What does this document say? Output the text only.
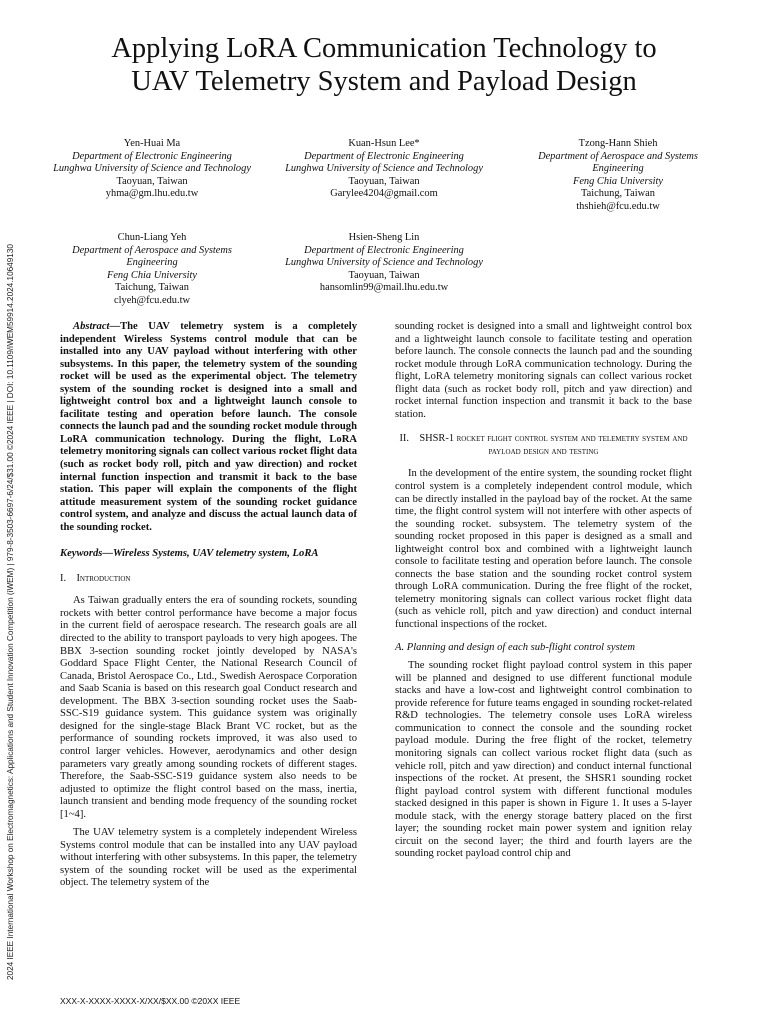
2024 IEEE International Workshop on Electromagnetics: Applications and Student Innovation Competition (iWEM) | 979-8-3503-6697-6/24/$31.00 ©2024 IEEE | DOI: 10.1109/iWEM59914.2024.10649130
Applying LoRA Communication Technology to
UAV Telemetry System and Payload Design
Yen-Huai Ma
Department of Electronic Engineering
Lunghwa University of Science and Technology
Taoyuan, Taiwan
yhma@gm.lhu.edu.tw
Kuan-Hsun Lee*
Department of Electronic Engineering
Lunghwa University of Science and Technology
Taoyuan, Taiwan
Garylee4204@gmail.com
Tzong-Hann Shieh
Department of Aerospace and Systems Engineering
Feng Chia University
Taichung, Taiwan
thshieh@fcu.edu.tw
Chun-Liang Yeh
Department of Aerospace and Systems Engineering
Feng Chia University
Taichung, Taiwan
clyeh@fcu.edu.tw
Hsien-Sheng Lin
Department of Electronic Engineering
Lunghwa University of Science and Technology
Taoyuan, Taiwan
hansomlin99@mail.lhu.edu.tw

Abstract—The UAV telemetry system is a completely independent Wireless Systems control module that can be installed into any UAV payload without interfering with other subsystems. In this paper, the telemetry system of the sounding rocket will be used as the experimental object. The telemetry system of the sounding rocket is designed into a small and lightweight control box and a lightweight launch console to facilitate testing and operation before launch. The console connects the launch pad and the sounding rocket module through LoRA communication technology. During the flight, LoRA telemetry monitoring signals can collect various rocket flight data (such as rocket body roll, pitch and yaw direction) and rocket internal function inspection and transmit it back to the base station. This paper will explain the components of the flight attitude measurement system of the sounding rocket guidance control system, and analyze and discuss the actual launch data of the sounding rocket.

Keywords—Wireless Systems, UAV telemetry system, LoRA

I. Introduction

As Taiwan gradually enters the era of sounding rockets, sounding rockets with better control performance have become a major focus in the current field of aerospace research. The research goals are all directed to the ability to transport payloads to very high apogees. The BBX 3-section sounding rocket jointly developed by NASA's Goddard Space Flight Center, the National Research Council of Canada, Bristol Aerospace Co., Ltd., Swedish Aerospace Corporation and Saab Scania is based on this research goal Conduct research and development. The BBX 3-section sounding rocket uses the Saab-SSC-S19 guidance system. This guidance system was originally designed for the single-stage Black Brant VC rocket, but as the performance of sounding rockets improved, it was also used to control larger vehicles. However, aerodynamics and other design parameters vary greatly among sounding rockets of different stages. Therefore, the Saab-SSC-S19 guidance system also needs to be adjusted to optimize the flight control based on the mass, inertia, launch transient and bending mode frequency of the sounding rocket [1~4].

The UAV telemetry system is a completely independent Wireless Systems control module that can be installed into any UAV payload without interfering with other subsystems. In this paper, the telemetry system of the sounding rocket will be used as the experimental object. The telemetry system of the

sounding rocket is designed into a small and lightweight control box and a lightweight launch console to facilitate testing and operation before launch. The console connects the launch pad and the sounding rocket module through LoRA communication technology. During the flight, LoRA telemetry monitoring signals can collect various rocket flight data (such as rocket body roll, pitch and yaw direction) and rocket internal function inspection and transmit it back to the base station.

II. SHSR-1 rocket flight control system and telemetry system and payload design and testing

In the development of the entire system, the sounding rocket flight control system is a completely independent control module, which can be directly installed in the payload bay of the rocket. At the same time, the flight control system will not interfere with other aspects of the sounding rocket. subsystem. The telemetry system of the sounding rocket proposed in this paper is designed as a small and lightweight control box and combined with a lightweight launch console to facilitate testing and operation before launch. The console connects the base station and the sounding rocket control system through LoRA communication. During the free flight of the rocket, telemetry monitoring signals can collect various rocket flight data (such as vehicle roll, pitch and yaw direction) and conduct internal functional inspections of the rocket.

A. Planning and design of each sub-flight control system

The sounding rocket flight payload control system in this paper will be planned and designed to use different functional module stacks and have a low-cost and lightweight control combination to provide reference for future teams engaged in sounding rocket-related R&D technologies. The telemetry console uses LoRA wireless communication to connect the console and the sounding rocket payload module. During the free flight of the rocket, telemetry monitoring signals can collect various rocket flight data (such as vehicle roll, pitch and yaw direction) and conduct internal functional inspections of the rocket. At present, the SHSR1 sounding rocket flight payload control system with different functional modules stacked designed in this paper is shown in Figure 1. It uses a 5-layer module stack, with the energy storage battery placed on the first layer; the sounding rocket main power system and ignition relay circuit on the second layer; the third and fourth layers are the sounding rocket payload control chip and

XXX-X-XXXX-XXXX-X/XX/$XX.00 ©20XX IEEE
